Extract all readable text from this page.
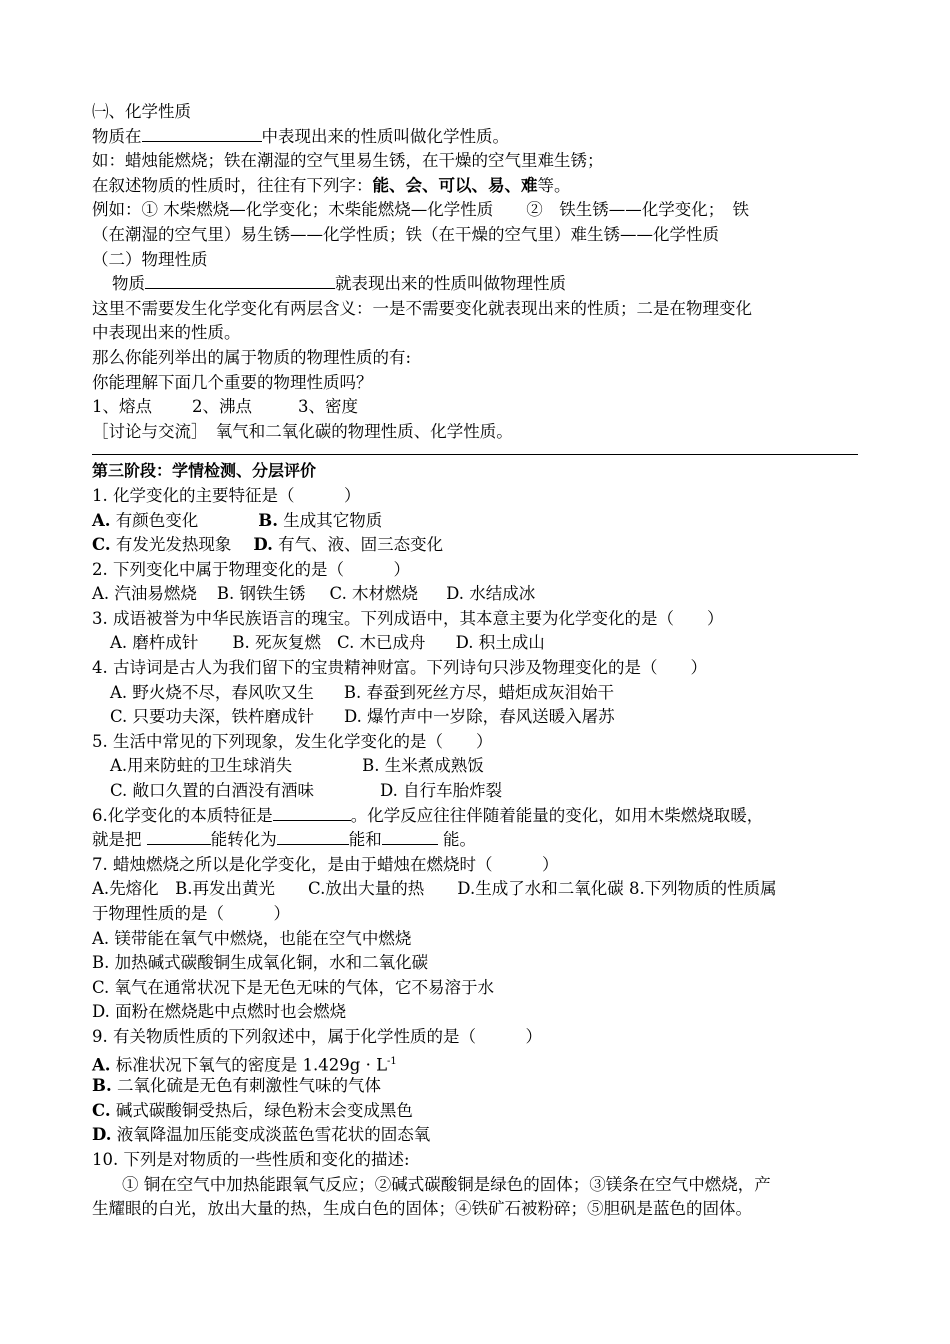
㈠、化学性质
物质在	中表现出来的性质叫做化学性质。
如：蜡烛能燃烧；铁在潮湿的空气里易生锈，在干燥的空气里难生锈；
在叙述物质的性质时，往往有下列字：能、会、可以、易、难等。
例如：① 木柴燃烧—化学变化；木柴能燃烧—化学性质　　②　铁生锈——化学变化；　铁
（在潮湿的空气里）易生锈——化学性质；铁（在干燥的空气里）难生锈——化学性质
（二）物理性质
物质	就表现出来的性质叫做物理性质
这里不需要发生化学变化有两层含义：一是不需要变化就表现出来的性质；二是在物理变化
中表现出来的性质。
那么你能列举出的属于物质的物理性质的有:
你能理解下面几个重要的物理性质吗？
1、熔点 2、沸点	3、密度
［讨论与交流］　氧气和二氧化碳的物理性质、化学性质。
第三阶段：学情检测、分层评价
1. 化学变化的主要特征是（　　　）
A. 有颜色变化	B. 生成其它物质
C. 有发光发热现象 D. 有气、液、固三态变化
2. 下列变化中属于物理变化的是（　　　）
A. 汽油易燃烧 B. 钢铁生锈 C. 木材燃烧 D. 水结成冰
3. 成语被誉为中华民族语言的瑰宝。下列成语中，其本意主要为化学变化的是（　　）
A. 磨杵成针 B. 死灰复燃 C. 木已成舟 D. 积土成山
4. 古诗词是古人为我们留下的宝贵精神财富。下列诗句只涉及物理变化的是（　　）
A. 野火烧不尽，春风吹又生 B. 春蚕到死丝方尽，蜡炬成灰泪始干
C. 只要功夫深，铁杵磨成针 D. 爆竹声中一岁除，春风送暖入屠苏
5. 生活中常见的下列现象，发生化学变化的是（　　）
A.用来防蛀的卫生球消失	B. 生米煮成熟饭
C. 敞口久置的白酒没有酒味	D. 自行车胎炸裂
6.化学变化的本质特征是	。化学反应往往伴随着能量的变化，如用木柴燃烧取暖，
就是把	能转化为	能和	能。
7. 蜡烛燃烧之所以是化学变化，是由于蜡烛在燃烧时（　　　）
A.先熔化　B.再发出黄光　　C.放出大量的热　　D.生成了水和二氧化碳 8.下列物质的性质属
于物理性质的是（　　　）
A. 镁带能在氧气中燃烧，也能在空气中燃烧
B. 加热碱式碳酸铜生成氧化铜，水和二氧化碳
C. 氧气在通常状况下是无色无味的气体，它不易溶于水
D. 面粉在燃烧匙中点燃时也会燃烧
9. 有关物质性质的下列叙述中，属于化学性质的是（　　　）
A. 标准状况下氧气的密度是 $1.429g \cdot L^{-1}$
B. 二氧化硫是无色有刺激性气味的气体
C. 碱式碳酸铜受热后，绿色粉末会变成黑色
D. 液氧降温加压能变成淡蓝色雪花状的固态氧
10. 下列是对物质的一些性质和变化的描述:
① 铜在空气中加热能跟氧气反应；②碱式碳酸铜是绿色的固体；③镁条在空气中燃烧，产
生耀眼的白光，放出大量的热，生成白色的固体；④铁矿石被粉碎；⑤胆矾是蓝色的固体。
